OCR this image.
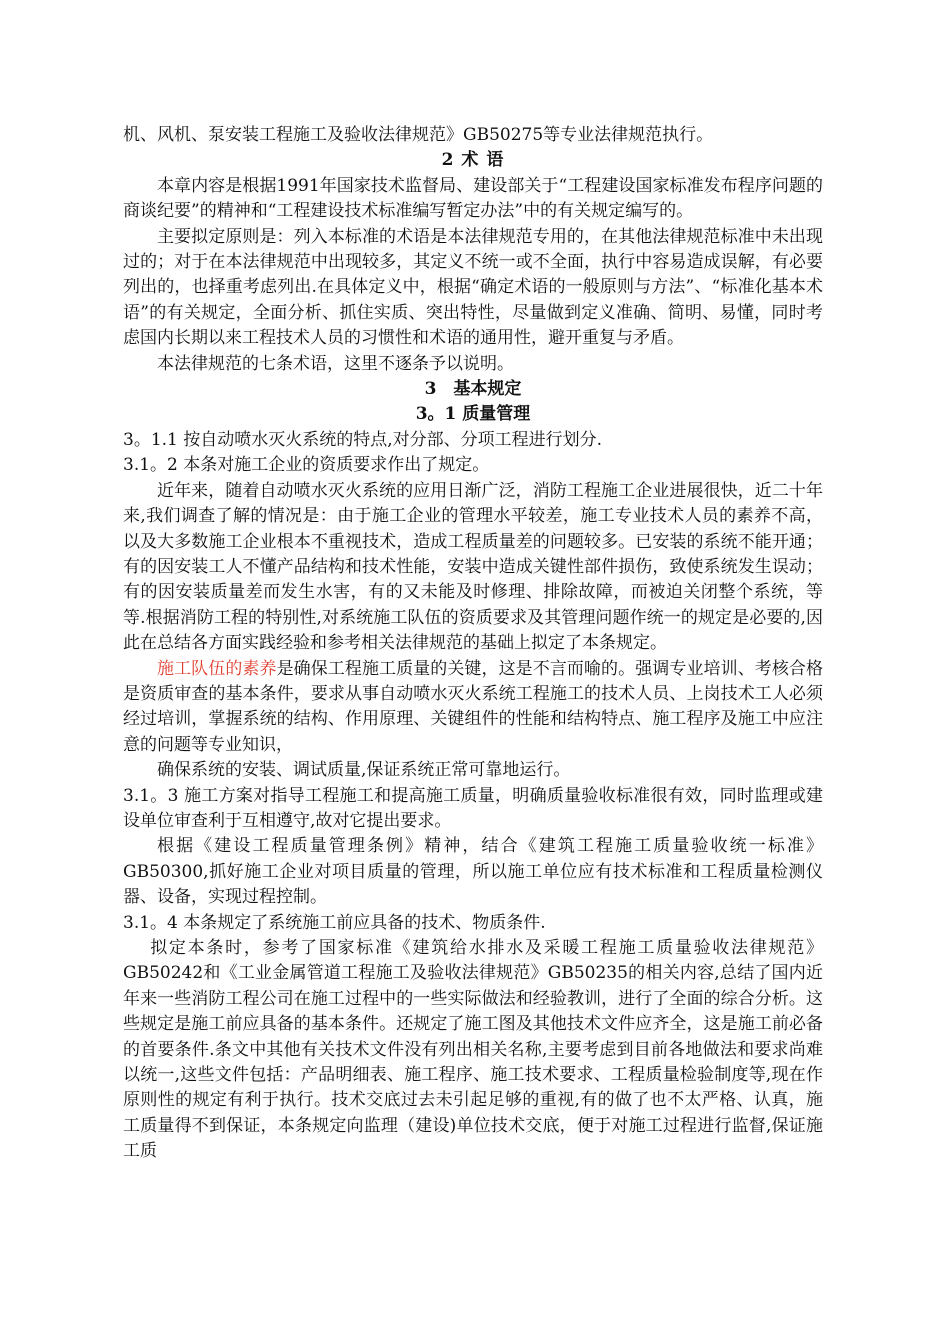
机、风机、泵安装工程施工及验收法律规范》GB50275等专业法律规范执行。

2 术 语

本章内容是根据1991年国家技术监督局、建设部关于“工程建设国家标准发布程序问题的商谈纪要”的精神和“工程建设技术标准编写暂定办法”中的有关规定编写的。

主要拟定原则是：列入本标准的术语是本法律规范专用的，在其他法律规范标准中未出现过的；对于在本法律规范中出现较多，其定义不统一或不全面，执行中容易造成误解，有必要列出的，也择重考虑列出.在具体定义中，根据“确定术语的一般原则与方法”、“标准化基本术语”的有关规定，全面分析、抓住实质、突出特性，尽量做到定义准确、简明、易懂，同时考虑国内长期以来工程技术人员的习惯性和术语的通用性，避开重复与矛盾。

本法律规范的七条术语，这里不逐条予以说明。

3　基本规定

3。1 质量管理

3。1.1 按自动喷水灭火系统的特点,对分部、分项工程进行划分.

3.1。2 本条对施工企业的资质要求作出了规定。

近年来，随着自动喷水灭火系统的应用日渐广泛，消防工程施工企业进展很快，近二十年来,我们调查了解的情况是：由于施工企业的管理水平较差，施工专业技术人员的素养不高，以及大多数施工企业根本不重视技术，造成工程质量差的问题较多。已安装的系统不能开通；有的因安装工人不懂产品结构和技术性能，安装中造成关键性部件损伤，致使系统发生误动；有的因安装质量差而发生水害，有的又未能及时修理、排除故障，而被迫关闭整个系统，等等.根据消防工程的特别性,对系统施工队伍的资质要求及其管理问题作统一的规定是必要的,因此在总结各方面实践经验和参考相关法律规范的基础上拟定了本条规定。

施工队伍的素养是确保工程施工质量的关键，这是不言而喻的。强调专业培训、考核合格是资质审查的基本条件，要求从事自动喷水灭火系统工程施工的技术人员、上岗技术工人必须经过培训，掌握系统的结构、作用原理、关键组件的性能和结构特点、施工程序及施工中应注意的问题等专业知识，

确保系统的安装、调试质量,保证系统正常可靠地运行。

3.1。3 施工方案对指导工程施工和提高施工质量，明确质量验收标准很有效，同时监理或建设单位审查利于互相遵守,故对它提出要求。

根据《建设工程质量管理条例》精神，结合《建筑工程施工质量验收统一标准》GB50300,抓好施工企业对项目质量的管理，所以施工单位应有技术标准和工程质量检测仪器、设备，实现过程控制。

3.1。4 本条规定了系统施工前应具备的技术、物质条件.

拟定本条时，参考了国家标准《建筑给水排水及采暖工程施工质量验收法律规范》GB50242和《工业金属管道工程施工及验收法律规范》GB50235的相关内容,总结了国内近年来一些消防工程公司在施工过程中的一些实际做法和经验教训，进行了全面的综合分析。这些规定是施工前应具备的基本条件。还规定了施工图及其他技术文件应齐全，这是施工前必备的首要条件.条文中其他有关技术文件没有列出相关名称,主要考虑到目前各地做法和要求尚难以统一,这些文件包括：产品明细表、施工程序、施工技术要求、工程质量检验制度等,现在作原则性的规定有利于执行。技术交底过去未引起足够的重视,有的做了也不太严格、认真，施工质量得不到保证，本条规定向监理（建设)单位技术交底，便于对施工过程进行监督,保证施工质
